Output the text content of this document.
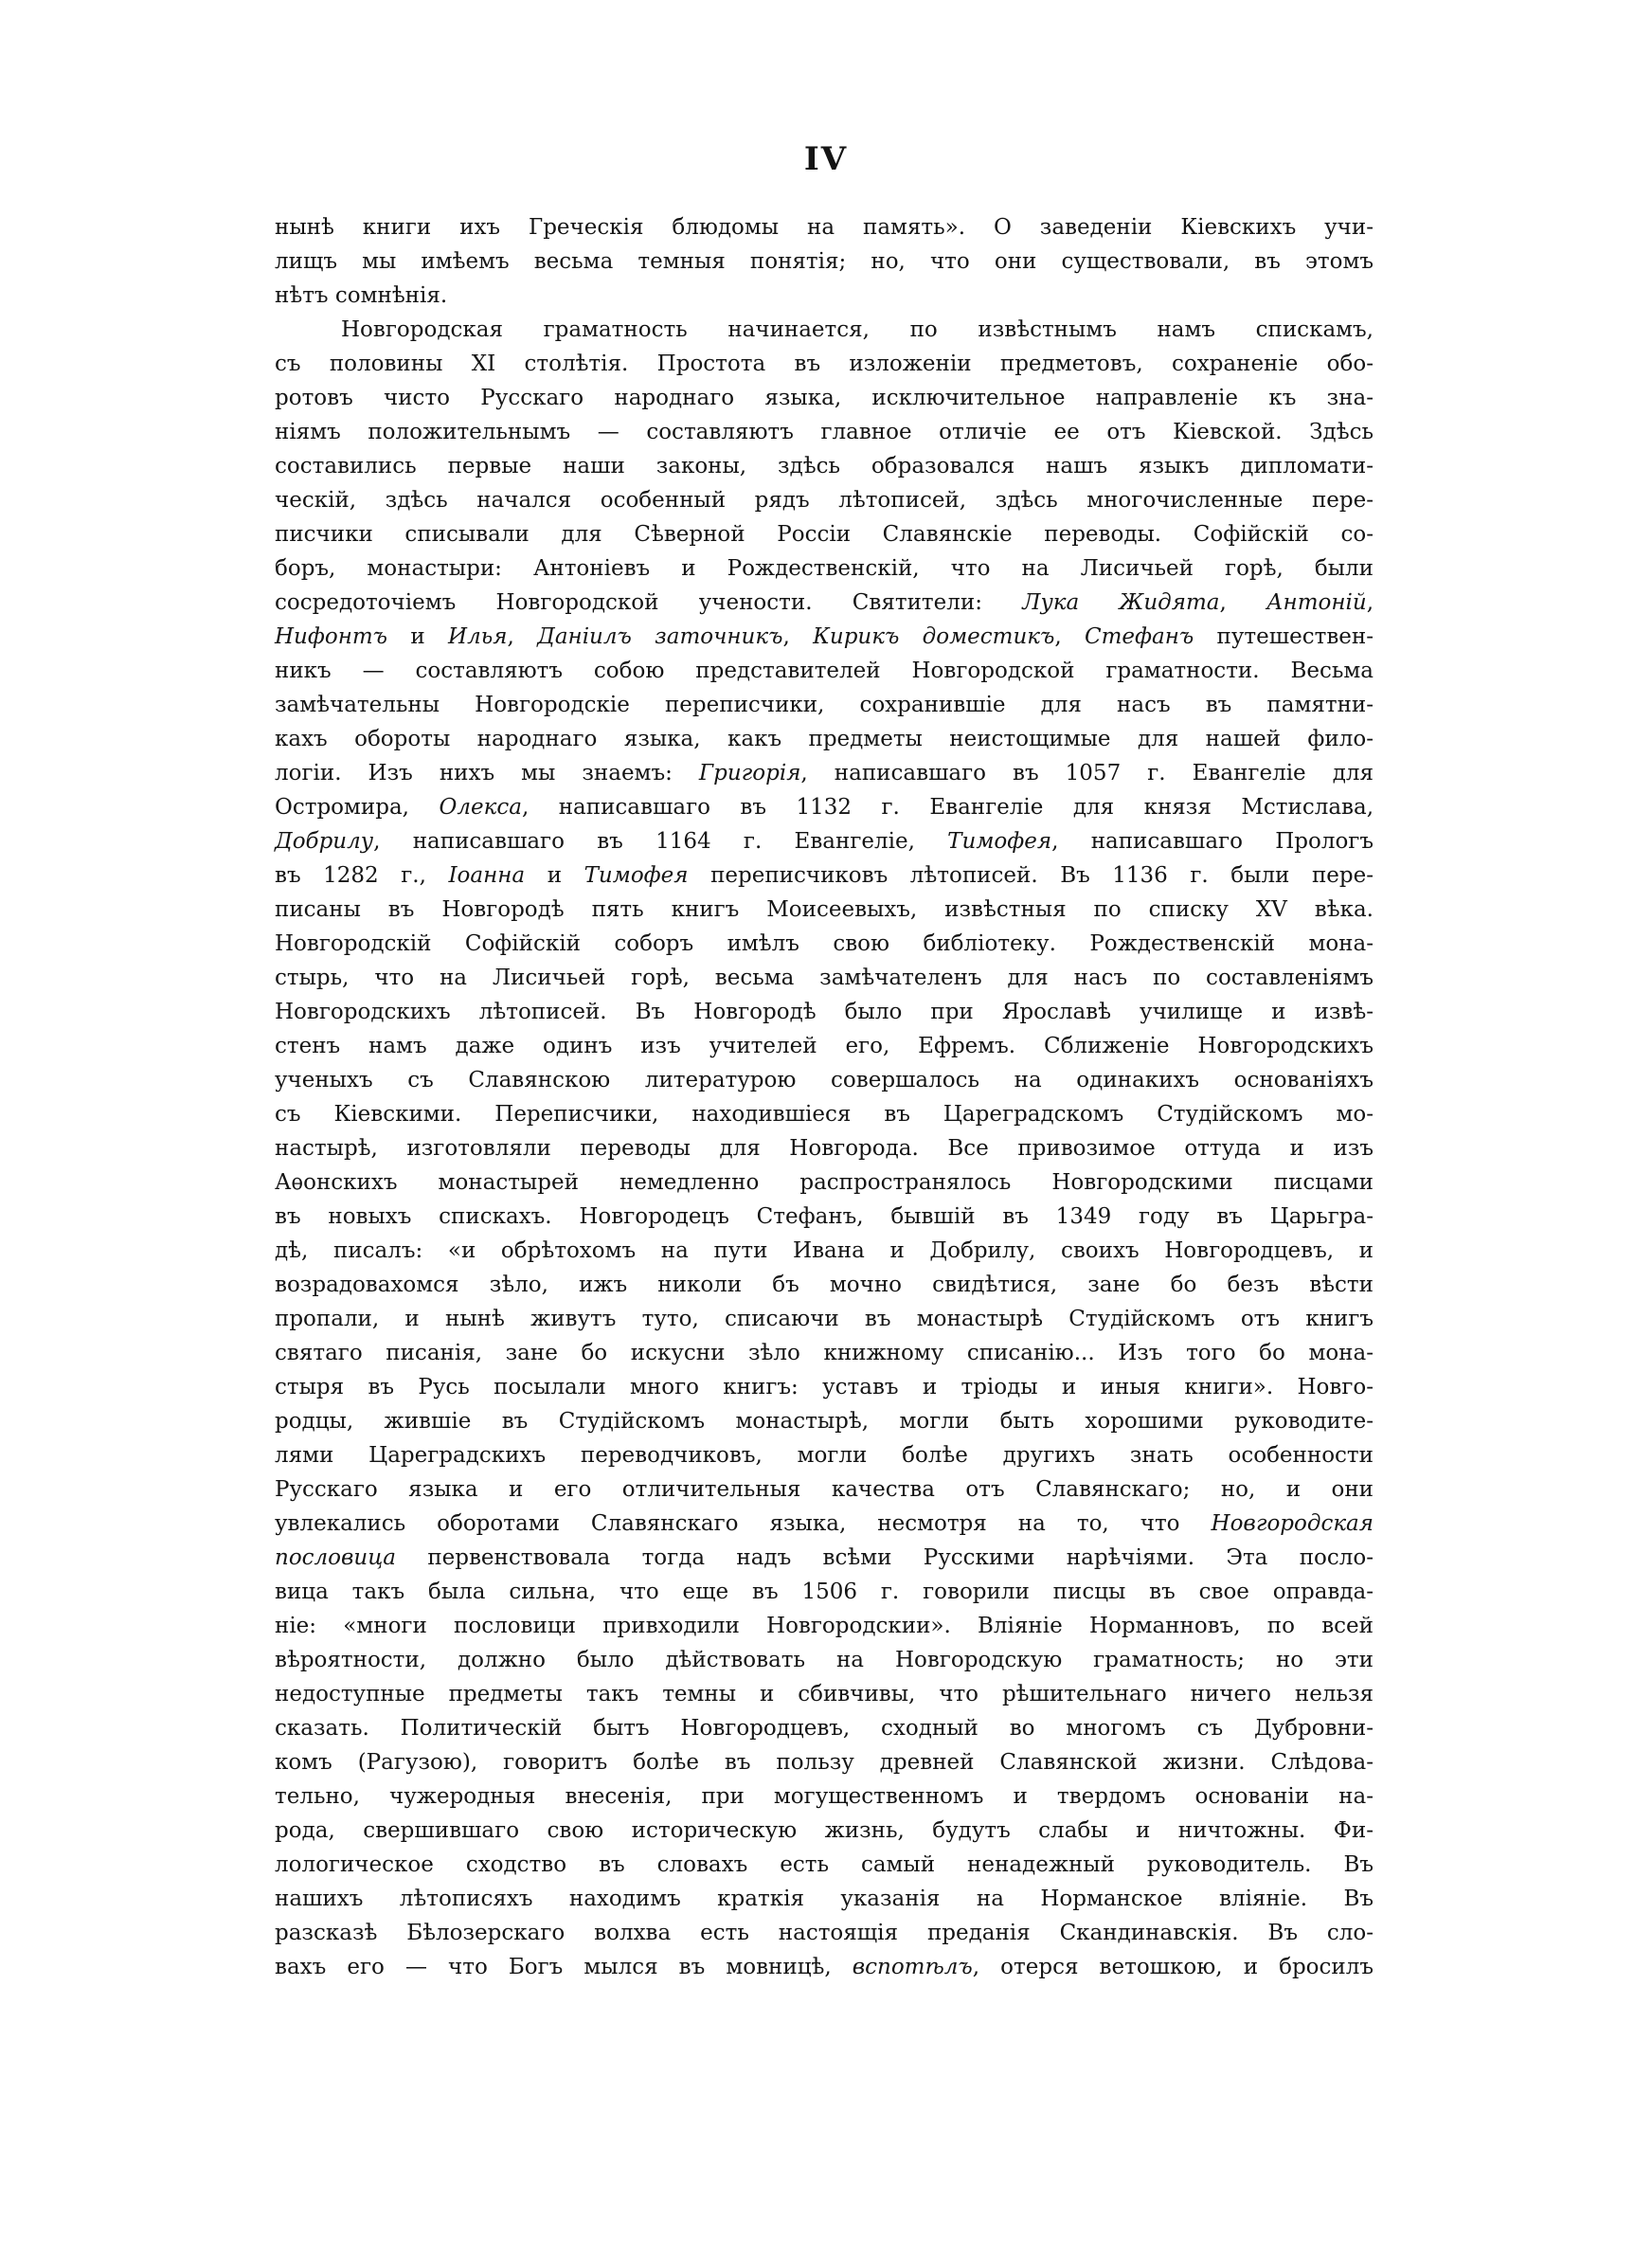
IV
нынѣ книги ихъ Греческія блюдомы на память». О заведеніи Кіевскихъ учи-
лищъ мы имѣемъ весьма темныя понятія; но, что они существовали, въ этомъ
нѣтъ сомнѣнія.
Новгородская граматность начинается, по извѣстнымъ намъ спискамъ,
съ половины XI столѣтія. Простота въ изложеніи предметовъ, сохраненіе обо-
ротовъ чисто Русскаго народнаго языка, исключительное направленіе къ зна-
ніямъ положительнымъ — составляютъ главное отличіе ее отъ Кіевской. Здѣсь
составились первые наши законы, здѣсь образовался нашъ языкъ дипломати-
ческій, здѣсь начался особенный рядъ лѣтописей, здѣсь многочисленные пере-
писчики списывали для Сѣверной Россіи Славянскіе переводы. Софійскій со-
боръ, монастыри: Антоніевъ и Рождественскій, что на Лисичьей горѣ, были
сосредоточіемъ Новгородской учености. Святители: Лука Жидята, Антоній,
Нифонтъ и Илья, Даніилъ заточникъ, Кирикъ доместикъ, Стефанъ путешествен-
никъ — составляютъ собою представителей Новгородской граматности. Весьма
замѣчательны Новгородскіе переписчики, сохранившіе для насъ въ памятни-
кахъ обороты народнаго языка, какъ предметы неистощимые для нашей фило-
логіи. Изъ нихъ мы знаемъ: Григорія, написавшаго въ 1057 г. Евангеліе для
Остромира, Олекса, написавшаго въ 1132 г. Евангеліе для князя Мстислава,
Добрилу, написавшаго въ 1164 г. Евангеліе, Тимофея, написавшаго Прологъ
въ 1282 г., Іоанна и Тимофея переписчиковъ лѣтописей. Въ 1136 г. были пере-
писаны въ Новгородѣ пять книгъ Моисеевыхъ, извѣстныя по списку XV вѣка.
Новгородскій Софійскій соборъ имѣлъ свою библіотеку. Рождественскій мона-
стырь, что на Лисичьей горѣ, весьма замѣчателенъ для насъ по составленіямъ
Новгородскихъ лѣтописей. Въ Новгородѣ было при Ярославѣ училище и извѣ-
стенъ намъ даже одинъ изъ учителей его, Ефремъ. Сближеніе Новгородскихъ
ученыхъ съ Славянскою литературою совершалось на одинакихъ основаніяхъ
съ Кіевскими. Переписчики, находившіеся въ Цареградскомъ Студійскомъ мо-
настырѣ, изготовляли переводы для Новгорода. Все привозимое оттуда и изъ
Аѳонскихъ монастырей немедленно распространялось Новгородскими писцами
въ новыхъ спискахъ. Новгородецъ Стефанъ, бывшій въ 1349 году въ Царьгра-
дѣ, писалъ: «и обрѣтохомъ на пути Ивана и Добрилу, своихъ Новгородцевъ, и
возрадовахомся зѣло, ижъ николи бъ мочно свидѣтися, зане бо безъ вѣсти
пропали, и нынѣ живутъ туто, списаючи въ монастырѣ Студійскомъ отъ книгъ
святаго писанія, зане бо искусни зѣло книжному списанію... Изъ того бо мона-
стыря въ Русь посылали много книгъ: уставъ и тріоды и иныя книги». Новго-
родцы, жившіе въ Студійскомъ монастырѣ, могли быть хорошими руководите-
лями Цареградскихъ переводчиковъ, могли болѣе другихъ знать особенности
Русскаго языка и его отличительныя качества отъ Славянскаго; но, и они
увлекались оборотами Славянскаго языка, несмотря на то, что Новгородская
пословица первенствовала тогда надъ всѣми Русскими нарѣчіями. Эта посло-
вица такъ была сильна, что еще въ 1506 г. говорили писцы въ свое оправда-
ніе: «многи пословици привходили Новгородскии». Вліяніе Норманновъ, по всей
вѣроятности, должно было дѣйствовать на Новгородскую граматность; но эти
недоступные предметы такъ темны и сбивчивы, что рѣшительнаго ничего нельзя
сказать. Политическій бытъ Новгородцевъ, сходный во многомъ съ Дубровни-
комъ (Рагузою), говоритъ болѣе въ пользу древней Славянской жизни. Слѣдова-
тельно, чужеродныя внесенія, при могущественномъ и твердомъ основаніи на-
рода, свершившаго свою историческую жизнь, будутъ слабы и ничтожны. Фи-
лологическое сходство въ словахъ есть самый ненадежный руководитель. Въ
нашихъ лѣтописяхъ находимъ краткія указанія на Норманское вліяніе. Въ
разсказѣ Бѣлозерскаго волхва есть настоящія преданія Скандинавскія. Въ сло-
вахъ его — что Богъ мылся въ мовницѣ, вспотѣлъ, отерся ветошкою, и бросилъ
